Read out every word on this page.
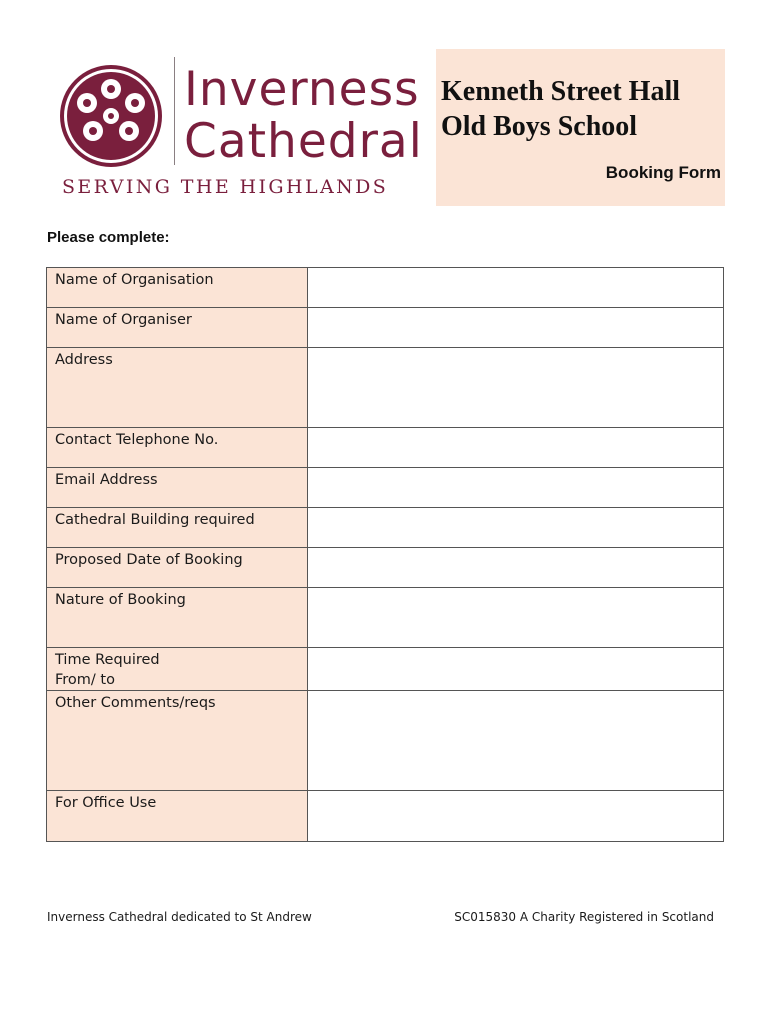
Inverness
Cathedral
SERVING THE HIGHLANDS
Kenneth Street Hall
Old Boys School
Booking Form
Please complete:
Name of Organisation	

Name of Organiser	

Address	

Contact Telephone No.	

Email Address	

Cathedral Building required	

Proposed Date of Booking	

Nature of Booking	

Time Required
From/ to	

Other Comments/reqs	

For Office Use	

Inverness Cathedral dedicated to St Andrew	SC015830 A Charity Registered in Scotland
